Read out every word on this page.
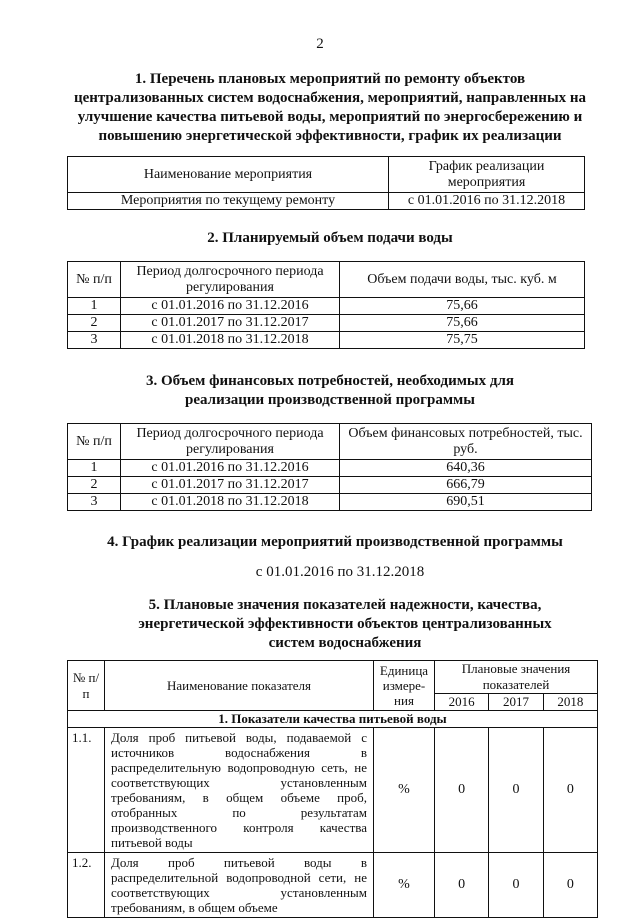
2
1. Перечень плановых мероприятий по ремонту объектов
централизованных систем водоснабжения, мероприятий, направленных на
улучшение качества питьевой воды, мероприятий по энергосбережению и
повышению энергетической эффективности, график их реализации
Наименование мероприятия	График реализации мероприятия
Мероприятия по текущему ремонту	с 01.01.2016 по 31.12.2018
2. Планируемый объем подачи воды
№ п/п	Период долгосрочного периода регулирования	Объем подачи воды, тыс. куб. м
1	с 01.01.2016 по 31.12.2016	75,66
2	с 01.01.2017 по 31.12.2017	75,66
3	с 01.01.2018 по 31.12.2018	75,75
3. Объем финансовых потребностей, необходимых для
реализации производственной программы
№ п/п	Период долгосрочного периода регулирования	Объем финансовых потребностей, тыс. руб.
1	с 01.01.2016 по 31.12.2016	640,36
2	с 01.01.2017 по 31.12.2017	666,79
3	с 01.01.2018 по 31.12.2018	690,51
4. График реализации мероприятий производственной программы
с 01.01.2016 по 31.12.2018
5. Плановые значения показателей надежности, качества,
энергетической эффективности объектов централизованных
систем водоснабжения
№ п/п	Наименование показателя	Единица измере-ния	Плановые значения показателей		
			2016	2017	2018
1. Показатели качества питьевой воды					
1.1.	Доля проб питьевой воды, подаваемой с источников водоснабжения в распределительную водопроводную сеть, не соответствующих установленным требованиям, в общем объеме проб, отобранных по результатам производственного контроля качества питьевой воды	%	0	0	0
1.2.	Доля проб питьевой воды в распределительной водопроводной сети, не соответствующих установленным требованиям, в общем объеме	%	0	0	0
